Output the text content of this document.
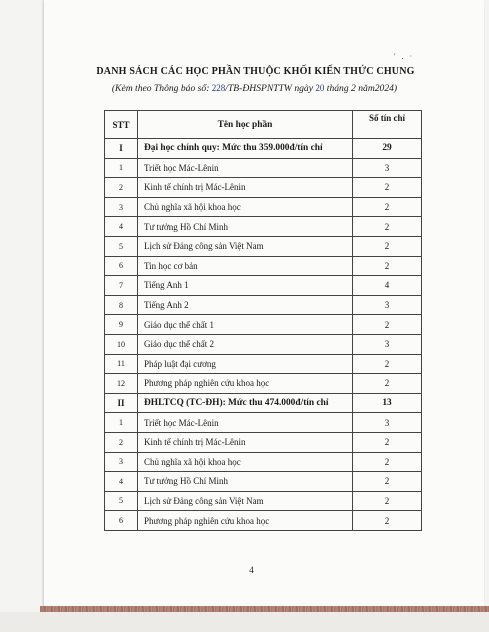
' . ·
DANH SÁCH CÁC HỌC PHẦN THUỘC KHỐI KIẾN THỨC CHUNG
(Kèm theo Thông báo số: 228/TB-ĐHSPNTTW ngày 20 tháng 2 năm2024)
STT	Tên học phần	Số tín chỉ
I	Đại học chính quy: Mức thu 359.000đ/tín chỉ	29
1	Triết học Mác-Lênin	3
2	Kinh tế chính trị Mác-Lênin	2
3	Chủ nghĩa xã hội khoa học	2
4	Tư tưởng Hồ Chí Minh	2
5	Lịch sử Đảng công sản Việt Nam	2
6	Tin học cơ bản	2
7	Tiếng Anh 1	4
8	Tiếng Anh 2	3
9	Giáo dục thể chất 1	2
10	Giáo dục thể chất 2	3
11	Pháp luật đại cương	2
12	Phương pháp nghiên cứu khoa học	2
II	ĐHLTCQ (TC-ĐH): Mức thu 474.000đ/tín chỉ	13
1	Triết học Mác-Lênin	3
2	Kinh tế chính trị Mác-Lênin	2
3	Chủ nghĩa xã hội khoa học	2
4	Tư tưởng Hồ Chí Minh	2
5	Lịch sử Đảng công sản Việt Nam	2
6	Phương pháp nghiên cứu khoa học	2
4
